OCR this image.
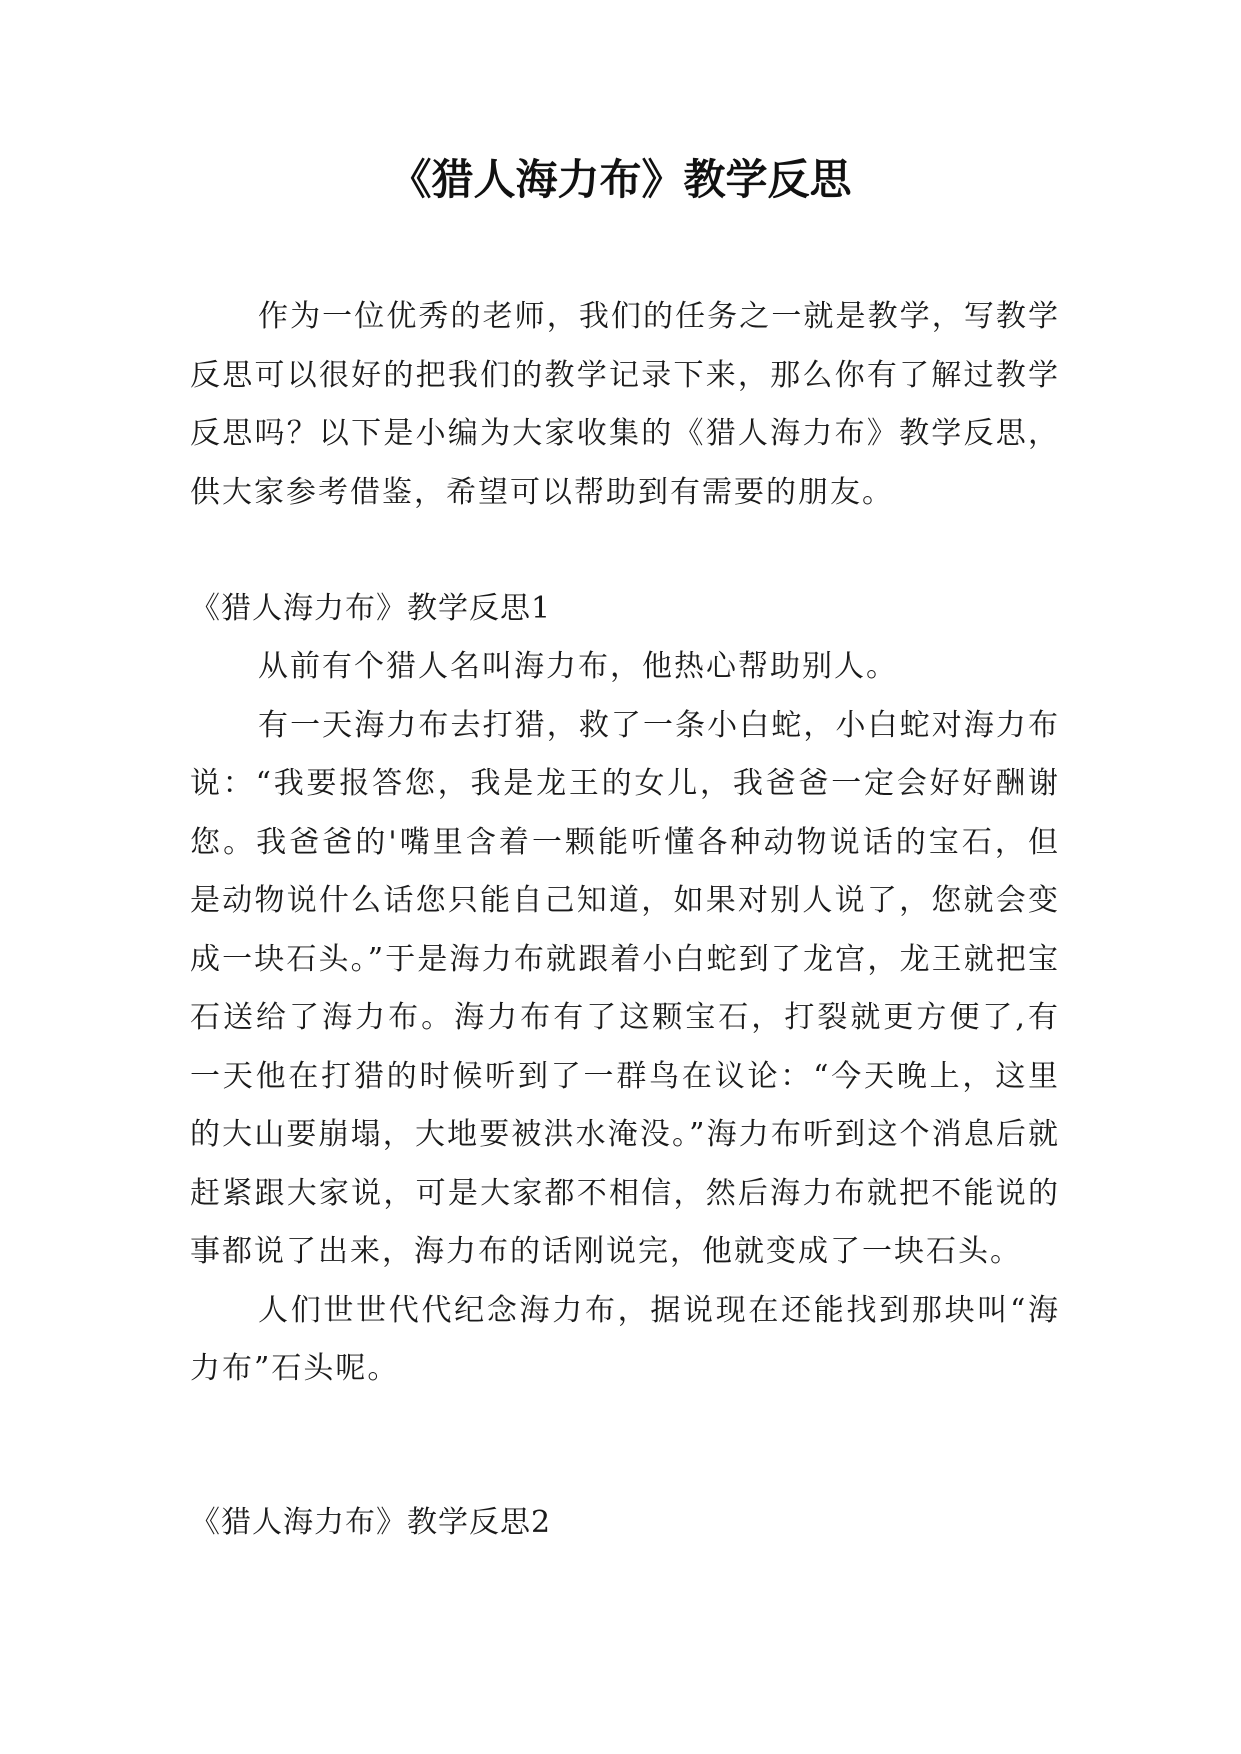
《猎人海力布》教学反思

作为一位优秀的老师，我们的任务之一就是教学，写教学反思可以很好的把我们的教学记录下来，那么你有了解过教学反思吗？以下是小编为大家收集的《猎人海力布》教学反思，供大家参考借鉴，希望可以帮助到有需要的朋友。

《猎人海力布》教学反思1

从前有个猎人名叫海力布，他热心帮助别人。

有一天海力布去打猎，救了一条小白蛇，小白蛇对海力布说：“我要报答您，我是龙王的女儿，我爸爸一定会好好酬谢您。我爸爸的'嘴里含着一颗能听懂各种动物说话的宝石，但是动物说什么话您只能自己知道，如果对别人说了，您就会变成一块石头。”于是海力布就跟着小白蛇到了龙宫，龙王就把宝石送给了海力布。海力布有了这颗宝石，打裂就更方便了,有一天他在打猎的时候听到了一群鸟在议论：“今天晚上，这里的大山要崩塌，大地要被洪水淹没。”海力布听到这个消息后就赶紧跟大家说，可是大家都不相信，然后海力布就把不能说的事都说了出来，海力布的话刚说完，他就变成了一块石头。

人们世世代代纪念海力布，据说现在还能找到那块叫“海力布”石头呢。

《猎人海力布》教学反思2
